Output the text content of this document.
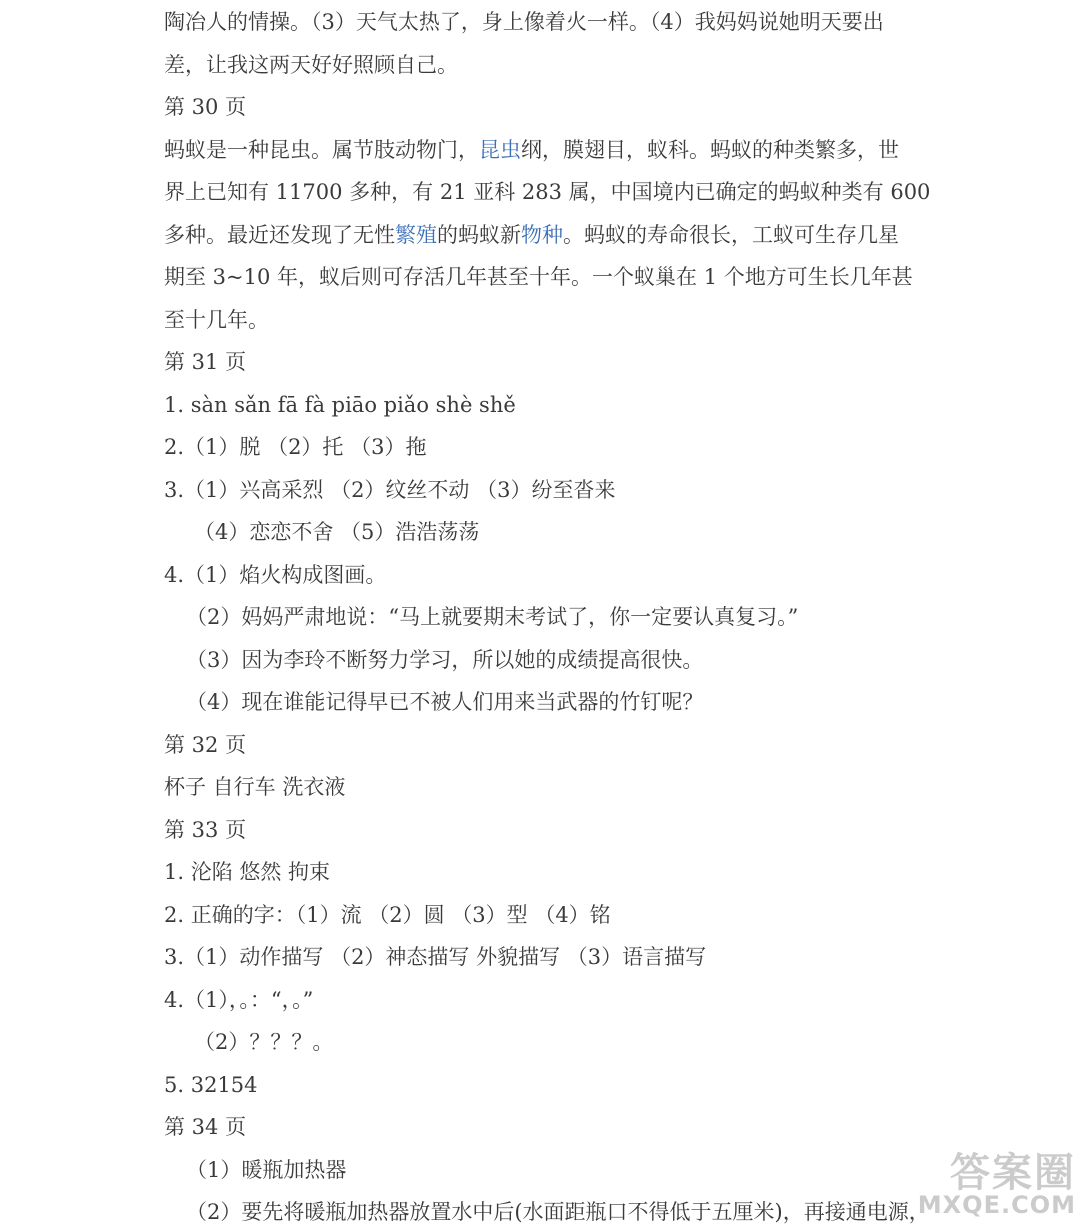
陶冶人的情操。（3）天气太热了，身上像着火一样。（4）我妈妈说她明天要出
差，让我这两天好好照顾自己。
第 30 页
蚂蚁是一种昆虫。属节肢动物门，昆虫纲，膜翅目，蚁科。蚂蚁的种类繁多，世
界上已知有 11700 多种，有 21 亚科 283 属，中国境内已确定的蚂蚁种类有 600
多种。最近还发现了无性繁殖的蚂蚁新物种。蚂蚁的寿命很长，工蚁可生存几星
期至 3~10 年，蚁后则可存活几年甚至十年。一个蚁巢在 1 个地方可生长几年甚
至十几年。
第 31 页
1. sàn sǎn fā fà piāo piǎo shè shě
2.（1）脱 （2）托 （3）拖
3.（1）兴高采烈 （2）纹丝不动 （3）纷至沓来
（4）恋恋不舍 （5）浩浩荡荡
4.（1）焰火构成图画。
（2）妈妈严肃地说：“马上就要期末考试了，你一定要认真复习。”
（3）因为李玲不断努力学习，所以她的成绩提高很快。
（4）现在谁能记得早已不被人们用来当武器的竹钉呢？
第 32 页
杯子 自行车 洗衣液
第 33 页
1. 沦陷 悠然 拘束
2. 正确的字：（1）流 （2）圆 （3）型 （4）铭
3.（1）动作描写 （2）神态描写 外貌描写 （3）语言描写
4.（1），。：“，。”
（2）？？？。
5. 32154
第 34 页
（1）暖瓶加热器
（2）要先将暖瓶加热器放置水中后(水面距瓶口不得低于五厘米)，再接通电源，
答案圈
MXQE.COM
